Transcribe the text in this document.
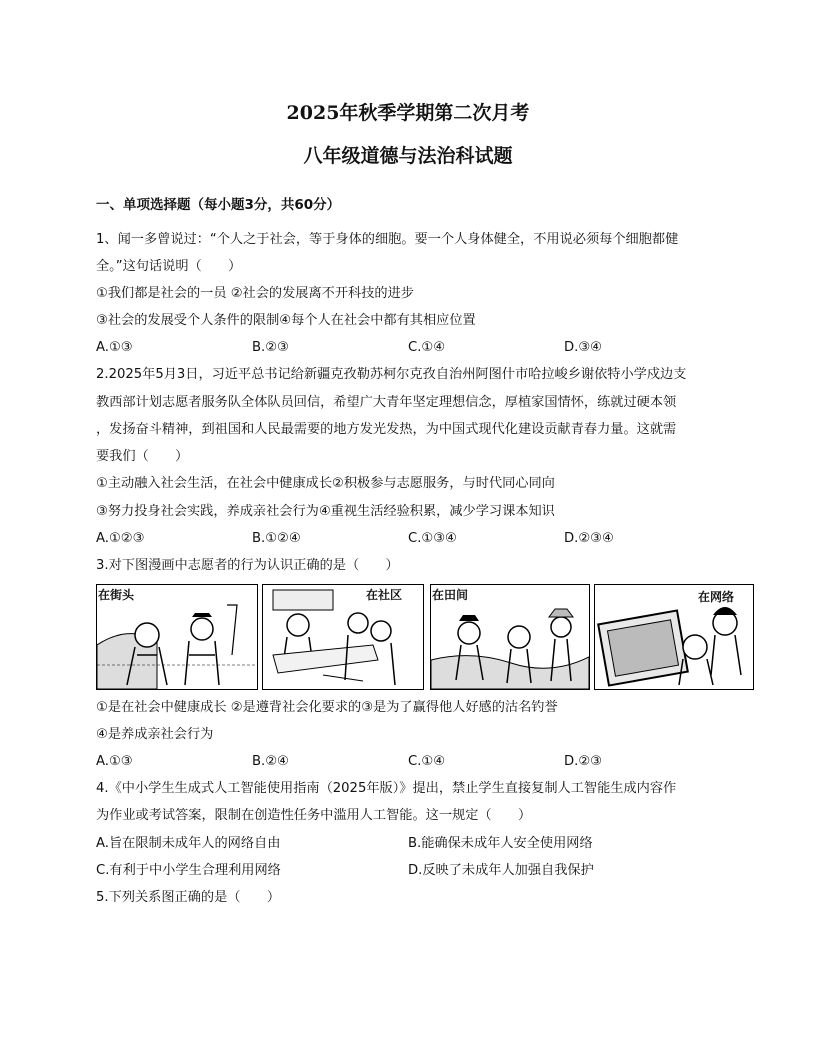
2025年秋季学期第二次月考
八年级道德与法治科试题
一、单项选择题（每小题3分，共60分）
1、闻一多曾说过：“个人之于社会，等于身体的细胞。要一个人身体健全，不用说必须每个细胞都健
全。”这句话说明（　　）
①我们都是社会的一员 ②社会的发展离不开科技的进步
③社会的发展受个人条件的限制④每个人在社会中都有其相应位置
A.①③	B.②③	C.①④	D.③④
2.2025年5月3日，习近平总书记给新疆克孜勒苏柯尔克孜自治州阿图什市哈拉峻乡谢依特小学戍边支
教西部计划志愿者服务队全体队员回信，希望广大青年坚定理想信念，厚植家国情怀，练就过硬本领
，发扬奋斗精神，到祖国和人民最需要的地方发光发热，为中国式现代化建设贡献青春力量。这就需
要我们（　　）
①主动融入社会生活，在社会中健康成长②积极参与志愿服务，与时代同心同向
③努力投身社会实践，养成亲社会行为④重视生活经验积累，减少学习课本知识
A.①②③	B.①②④	C.①③④	D.②③④
3.对下图漫画中志愿者的行为认识正确的是（　　）
在街头	在社区 在田间	在网络
①是在社会中健康成长 ②是遵背社会化要求的③是为了赢得他人好感的沽名钓誉
④是养成亲社会行为
A.①③	B.②④	C.①④	D.②③
4.《中小学生生成式人工智能使用指南（2025年版）》提出，禁止学生直接复制人工智能生成内容作
为作业或考试答案，限制在创造性任务中滥用人工智能。这一规定（　　）
A.旨在限制未成年人的网络自由	B.能确保未成年人安全使用网络
C.有利于中小学生合理利用网络	D.反映了未成年人加强自我保护
5.下列关系图正确的是（　　）
